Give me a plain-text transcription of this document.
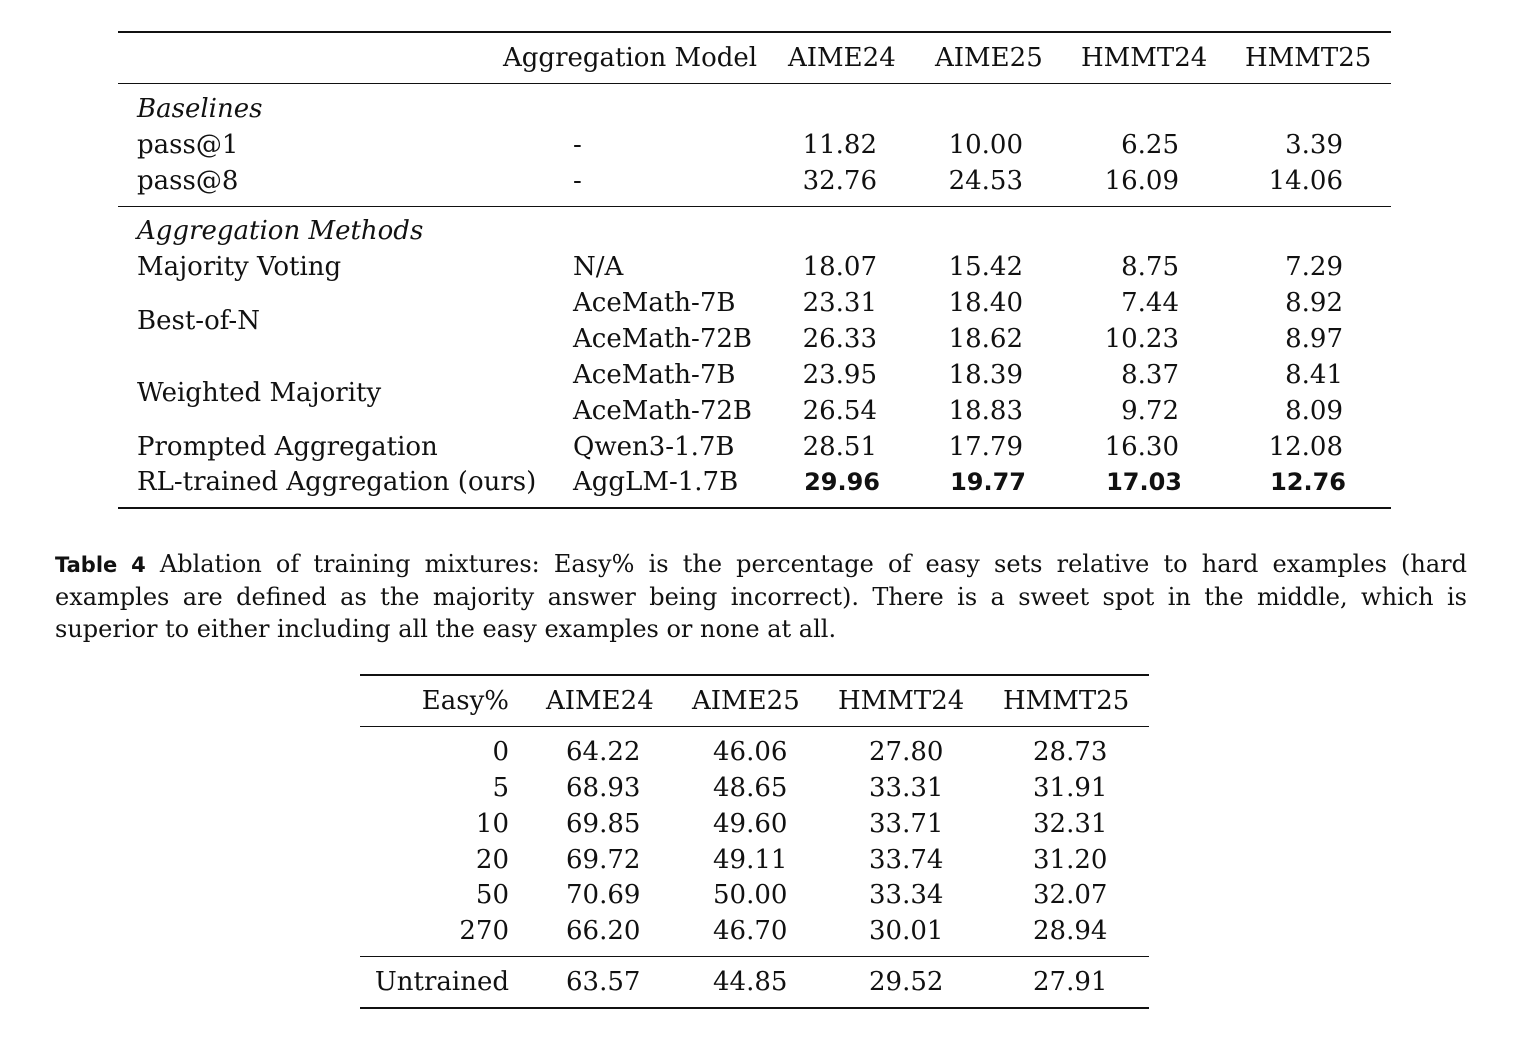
Aggregation Model AIME24 AIME25 HMMT24 HMMT25
Baselines
pass@1	-	11.82	10.00	6.25	3.39
pass@8	-	32.76	24.53	16.09	14.06
Aggregation Methods
Majority Voting	N/A	18.07	15.42	8.75	7.29
Best-of-N
AceMath-7B	23.31	18.40	7.44	8.92
AceMath-72B	26.33	18.62	10.23	8.97
Weighted Majority
AceMath-7B	23.95	18.39	8.37	8.41
AceMath-72B	26.54	18.83	9.72	8.09
Prompted Aggregation	Qwen3-1.7B	28.51	17.79	16.30	12.08
RL-trained Aggregation (ours) AggLM-1.7B	29.96	19.77	17.03	12.76
Table 4 Ablation of training mixtures: Easy% is the percentage of easy sets relative to hard examples (hard examples are defined as the majority answer being incorrect). There is a sweet spot in the middle, which is superior to either including all the easy examples or none at all.
Easy% AIME24 AIME25 HMMT24 HMMT25
0 64.22	46.06	27.80	28.73
5 68.93	48.65	33.31	31.91
10 69.85	49.60	33.71	32.31
20 69.72	49.11	33.74	31.20
50 70.69	50.00	33.34	32.07
270 66.20	46.70	30.01	28.94
Untrained 63.57	44.85	29.52	27.91
